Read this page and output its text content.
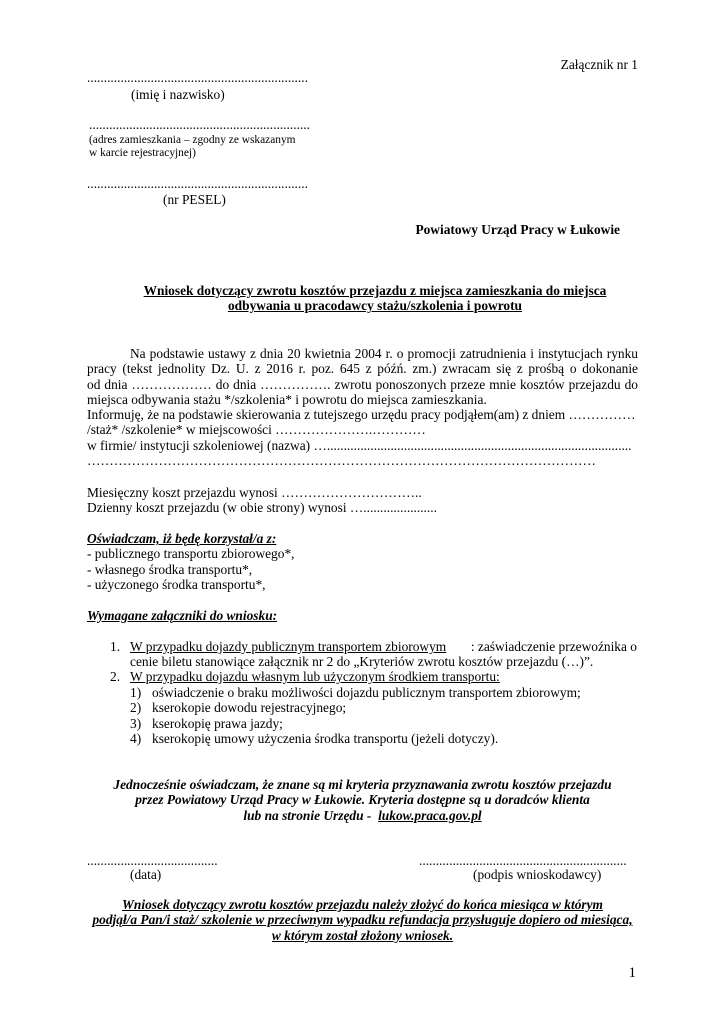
Załącznik nr 1
..................................................................
(imię i nazwisko)
..................................................................
(adres zamieszkania – zgodny ze wskazanym
w karcie rejestracyjnej)
..................................................................
(nr PESEL)
Powiatowy Urząd Pracy w Łukowie
Wniosek dotyczący zwrotu kosztów przejazdu z miejsca zamieszkania do miejsca
odbywania u pracodawcy stażu/szkolenia i powrotu
Na podstawie ustawy z dnia 20 kwietnia 2004 r. o promocji zatrudnienia i instytucjach rynku
pracy (tekst jednolity Dz. U. z 2016 r. poz. 645 z późń. zm.) zwracam się z prośbą o dokonanie
od dnia ……………… do dnia ……………. zwrotu ponoszonych przeze mnie kosztów przejazdu do
miejsca odbywania stażu */szkolenia* i powrotu do miejsca zamieszkania.
Informuję, że na podstawie skierowania z tutejszego urzędu pracy podjąłem(am) z dniem ……………
/staż* /szkolenie* w miejscowości ………………….…………
w firmie/ instytucji szkoleniowej (nazwa) …...........................................................................................
……………………………………………………………………………………………………
Miesięczny koszt przejazdu wynosi …………………………..
Dzienny koszt przejazdu (w obie strony) wynosi …......................
Oświadczam, iż będę korzystał/a z:
- publicznego transportu zbiorowego*,
- własnego środka transportu*,
- użyczonego środka transportu*,
Wymagane załączniki do wniosku:
1. W przypadku dojazdy publicznym transportem zbiorowym : zaświadczenie przewoźnika o
cenie biletu stanowiące załącznik nr 2 do „Kryteriów zwrotu kosztów przejazdu (…)”.
2. W przypadku dojazdu własnym lub użyczonym środkiem transportu:
1) oświadczenie o braku możliwości dojazdu publicznym transportem zbiorowym;
2) kserokopie dowodu rejestracyjnego;
3) kserokopię prawa jazdy;
4) kserokopię umowy użyczenia środka transportu (jeżeli dotyczy).
Jednocześnie oświadczam, że znane są mi kryteria przyznawania zwrotu kosztów przejazdu
przez Powiatowy Urząd Pracy w Łukowie. Kryteria dostępne są u doradców klienta
lub na stronie Urzędu -  lukow.praca.gov.pl
.......................................
(data)
..............................................................
(podpis wnioskodawcy)
Wniosek dotyczący zwrotu kosztów przejazdu należy złożyć do końca miesiąca w którym
podjął/a Pan/i staż/ szkolenie w przeciwnym wypadku refundacja przysługuje dopiero od miesiąca,
w którym został złożony wniosek.
1
